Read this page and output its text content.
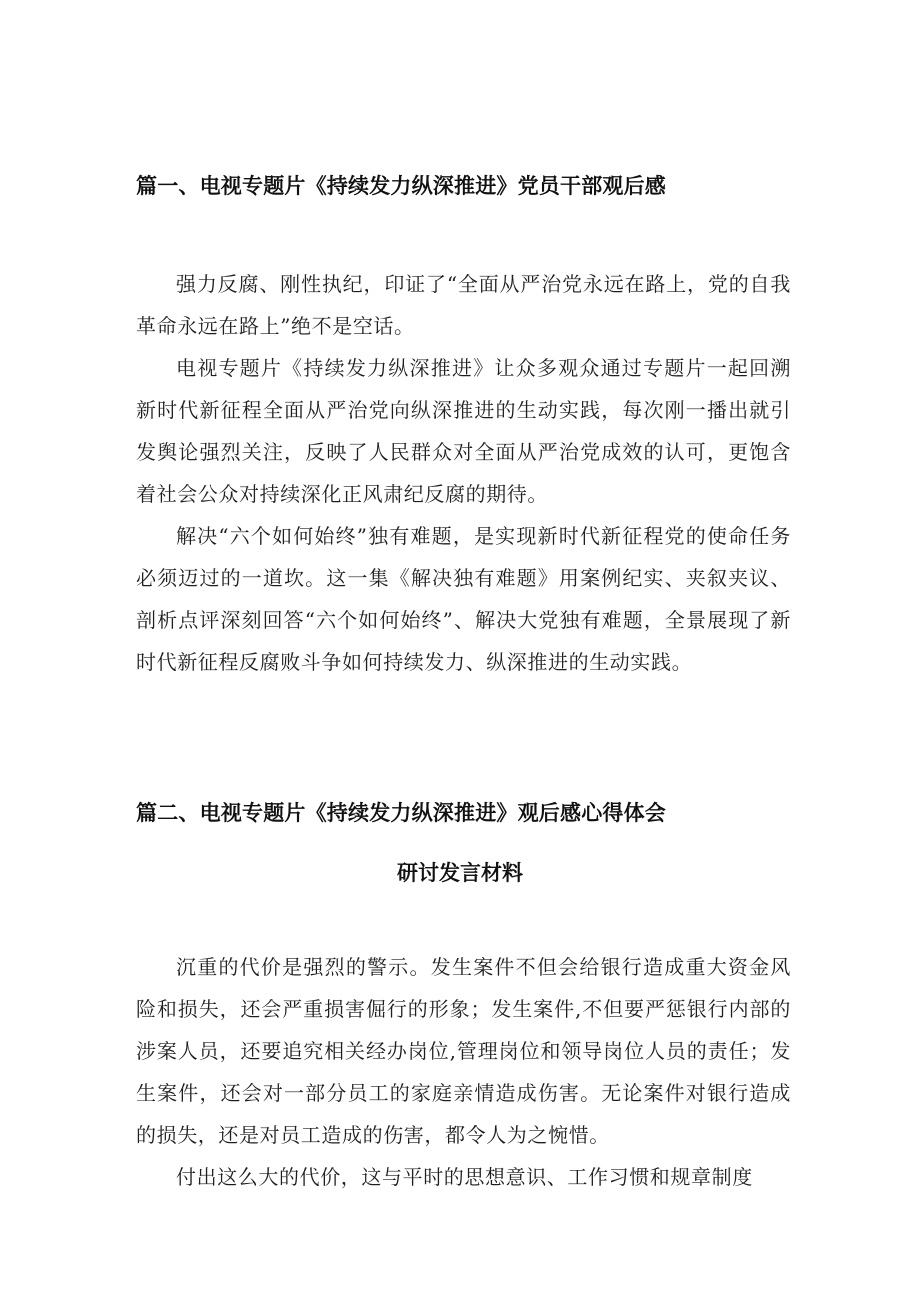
篇一、电视专题片《持续发力纵深推进》党员干部观后感

强力反腐、刚性执纪，印证了“全面从严治党永远在路上，党的自我革命永远在路上”绝不是空话。

电视专题片《持续发力纵深推进》让众多观众通过专题片一起回溯新时代新征程全面从严治党向纵深推进的生动实践，每次刚一播出就引发舆论强烈关注，反映了人民群众对全面从严治党成效的认可，更饱含着社会公众对持续深化正风肃纪反腐的期待。

解决“六个如何始终”独有难题，是实现新时代新征程党的使命任务必须迈过的一道坎。这一集《解决独有难题》用案例纪实、夹叙夹议、剖析点评深刻回答“六个如何始终”、解决大党独有难题，全景展现了新时代新征程反腐败斗争如何持续发力、纵深推进的生动实践。

篇二、电视专题片《持续发力纵深推进》观后感心得体会
研讨发言材料

沉重的代价是强烈的警示。发生案件不但会给银行造成重大资金风险和损失，还会严重损害倔行的形象；发生案件,不但要严惩银行内部的涉案人员，还要追究相关经办岗位,管理岗位和领导岗位人员的责任；发生案件，还会对一部分员工的家庭亲情造成伤害。无论案件对银行造成的损失，还是对员工造成的伤害，都令人为之惋惜。

付出这么大的代价，这与平时的思想意识、工作习惯和规章制度
